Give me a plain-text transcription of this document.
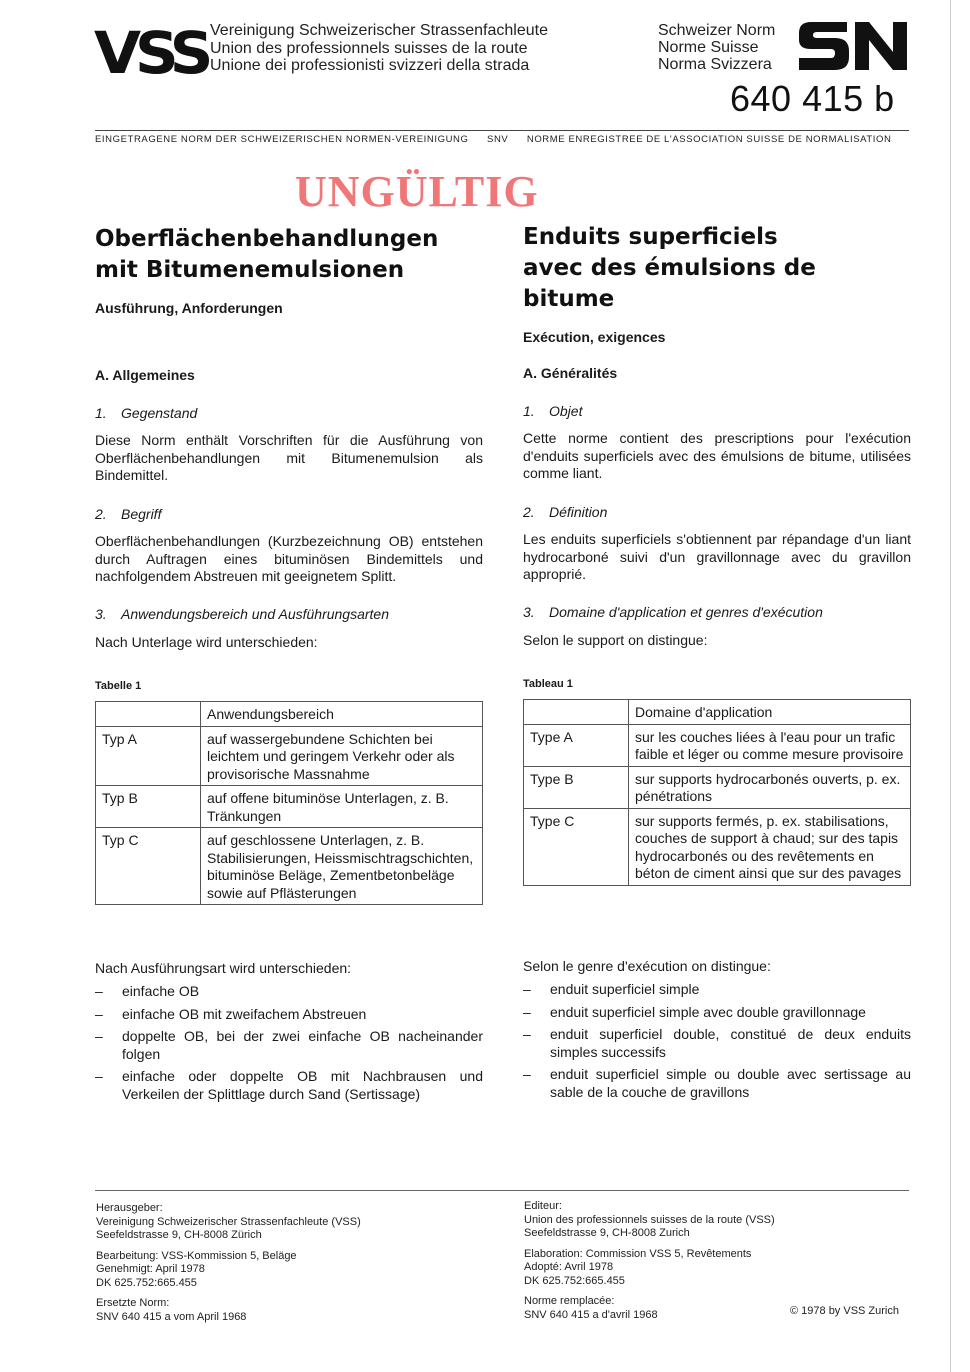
VSS Vereinigung Schweizerischer Strassenfachleute
Union des professionnels suisses de la route
Unione dei professionisti svizzeri della strada
Schweizer Norm
Norme Suisse
Norma Svizzera
640 415 b
EINGETRAGENE NORM DER SCHWEIZERISCHEN NORMEN-VEREINIGUNG SNV NORME ENREGISTREE DE L'ASSOCIATION SUISSE DE NORMALISATION
UNGÜLTIG
Oberflächenbehandlungen
mit Bitumenemulsionen
Ausführung, Anforderungen
A. Allgemeines
1. Gegenstand
Diese Norm enthält Vorschriften für die Ausführung von Oberflächenbehandlungen mit Bitumenemulsion als Bindemittel.
2. Begriff
Oberflächenbehandlungen (Kurzbezeichnung OB) entstehen durch Auftragen eines bituminösen Bindemittels und nachfolgendem Abstreuen mit geeignetem Splitt.
3. Anwendungsbereich und Ausführungsarten
Nach Unterlage wird unterschieden:
Tabelle 1
	Anwendungsbereich
Typ A	auf wassergebundene Schichten bei leichtem und geringem Verkehr oder als provisorische Massnahme
Typ B	auf offene bituminöse Unterlagen, z. B. Tränkungen
Typ C	auf geschlossene Unterlagen, z. B. Stabilisierungen, Heissmischtragschichten, bituminöse Beläge, Zementbetonbeläge sowie auf Pflästerungen
Nach Ausführungsart wird unterschieden:
– einfache OB
– einfache OB mit zweifachem Abstreuen
– doppelte OB, bei der zwei einfache OB nacheinander folgen
– einfache oder doppelte OB mit Nachbrausen und Verkeilen der Splittlage durch Sand (Sertissage)
Enduits superficiels
avec des émulsions de bitume
Exécution, exigences
A. Généralités
1. Objet
Cette norme contient des prescriptions pour l'exécution d'enduits superficiels avec des émulsions de bitume, utilisées comme liant.
2. Définition
Les enduits superficiels s'obtiennent par répandage d'un liant hydrocarboné suivi d'un gravillonnage avec du gravillon approprié.
3. Domaine d'application et genres d'exécution
Selon le support on distingue:
Tableau 1
	Domaine d'application
Type A	sur les couches liées à l'eau pour un trafic faible et léger ou comme mesure provisoire
Type B	sur supports hydrocarbonés ouverts, p. ex. pénétrations
Type C	sur supports fermés, p. ex. stabilisations, couches de support à chaud; sur des tapis hydrocarbonés ou des revêtements en béton de ciment ainsi que sur des pavages
Selon le genre d'exécution on distingue:
– enduit superficiel simple
– enduit superficiel simple avec double gravillonnage
– enduit superficiel double, constitué de deux enduits simples successifs
– enduit superficiel simple ou double avec sertissage au sable de la couche de gravillons
Herausgeber:
Vereinigung Schweizerischer Strassenfachleute (VSS)
Seefeldstrasse 9, CH-8008 Zürich
Bearbeitung: VSS-Kommission 5, Beläge
Genehmigt: April 1978
DK 625.752:665.455
Ersetzte Norm:
SNV 640 415 a vom April 1968
Editeur:
Union des professionnels suisses de la route (VSS)
Seefeldstrasse 9, CH-8008 Zurich
Elaboration: Commission VSS 5, Revêtements
Adopté: Avril 1978
DK 625.752:665.455
Norme remplacée:
SNV 640 415 a d'avril 1968	© 1978 by VSS Zurich
